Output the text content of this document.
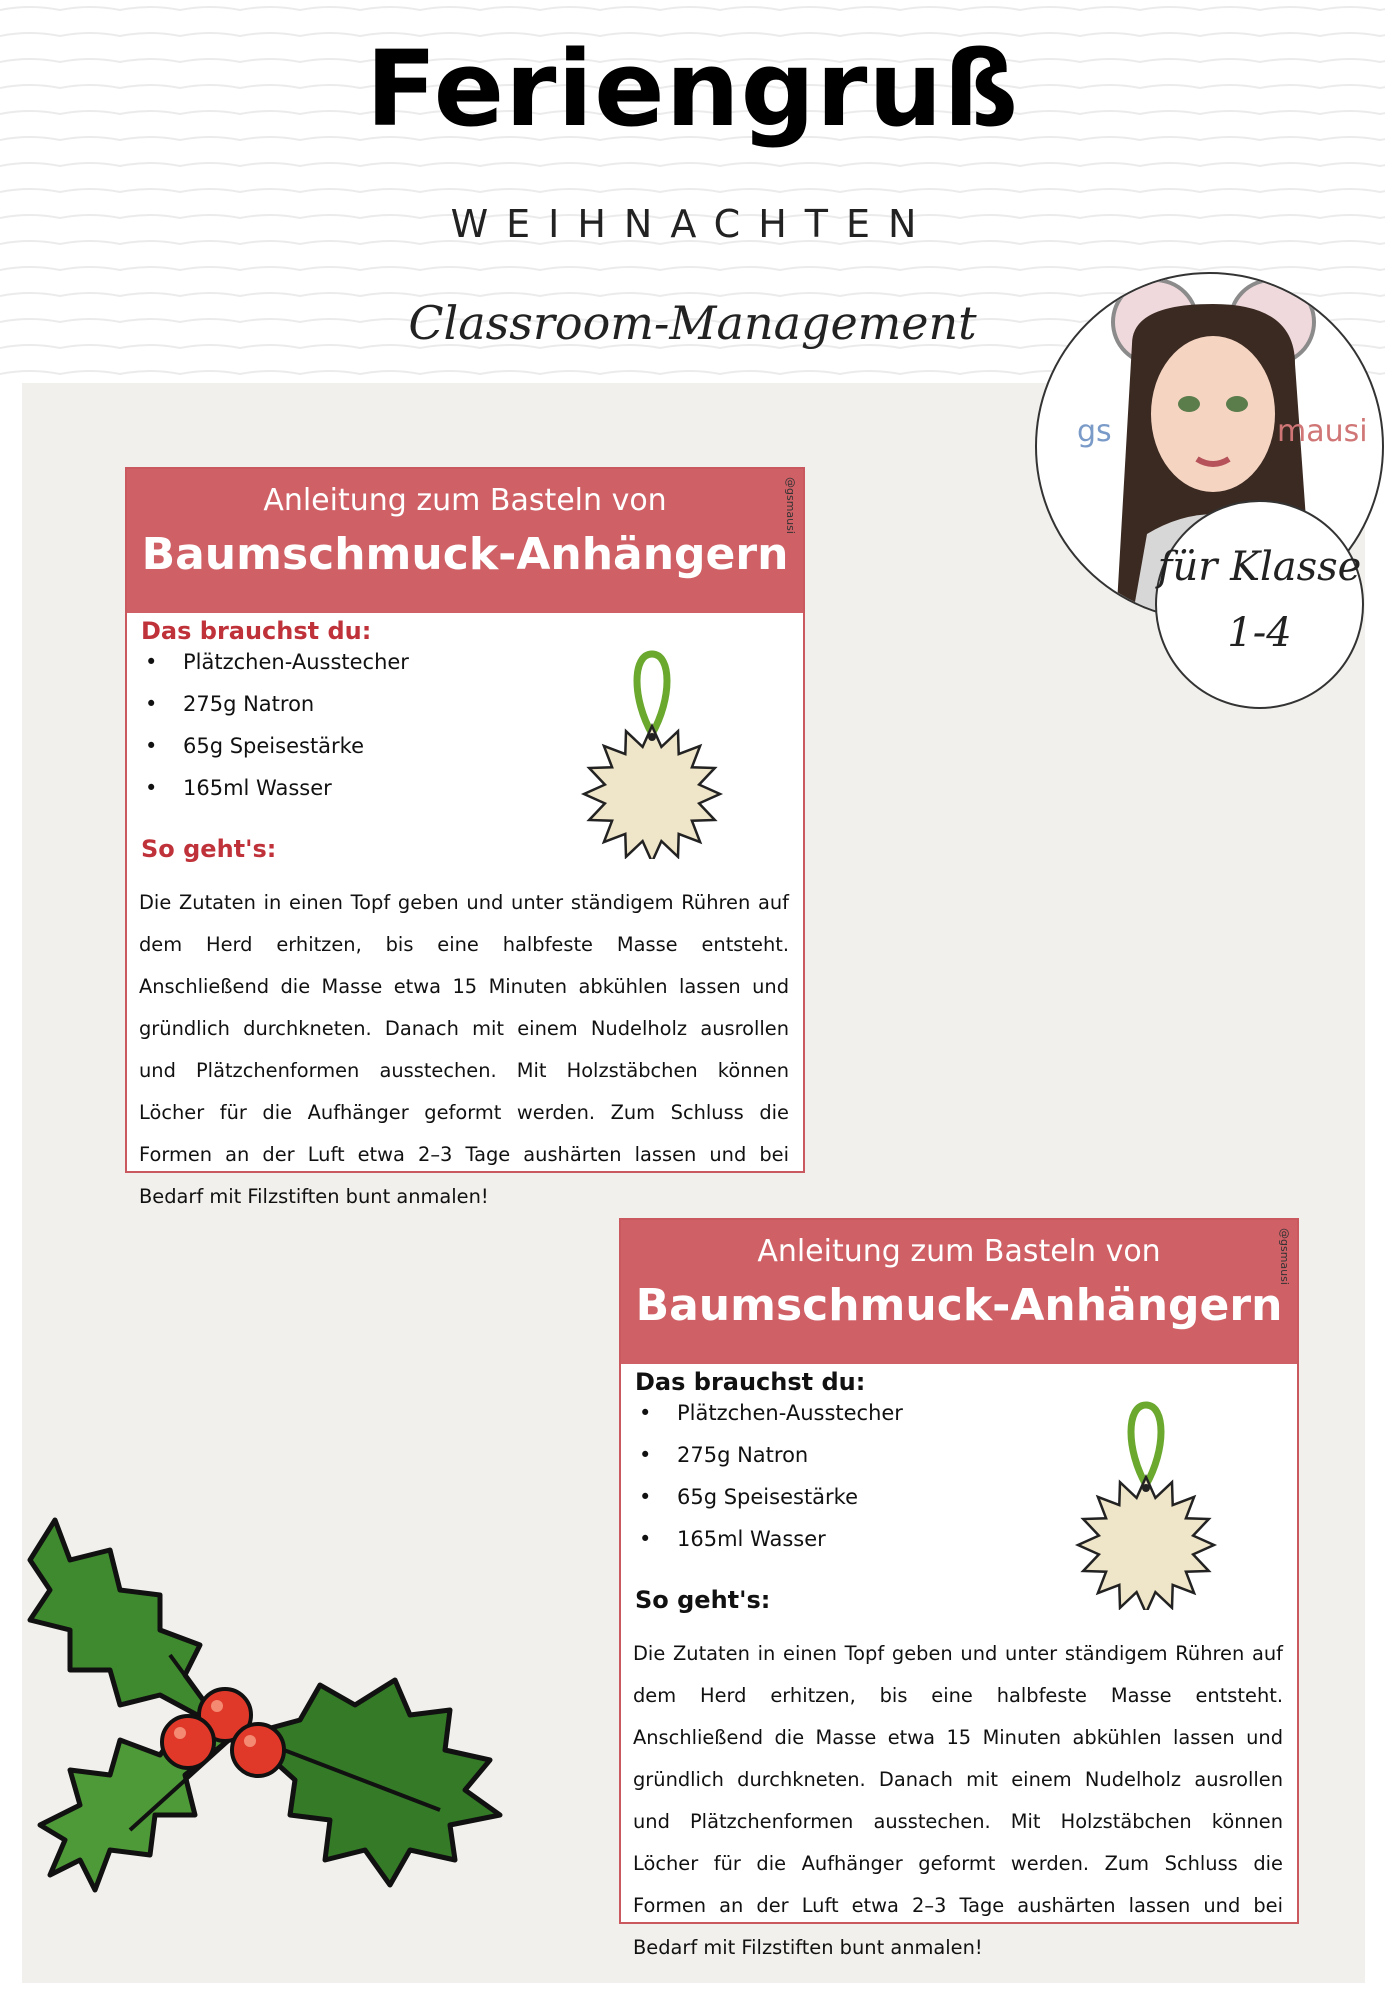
Feriengruß
WEIHNACHTEN
Classroom-Management
gs	mausi
für Klasse
1-4
Anleitung zum Basteln von
Baumschmuck-Anhängern
@gsmausi
Das brauchst du:
• Plätzchen-Ausstecher
• 275g Natron
• 65g Speisestärke
• 165ml Wasser
So geht's:

Die Zutaten in einen Topf geben und unter ständigem Rühren auf dem Herd erhitzen, bis eine halbfeste Masse entsteht. Anschließend die Masse etwa 15 Minuten abkühlen lassen und gründlich durchkneten. Danach mit einem Nudelholz ausrollen und Plätzchenformen ausstechen. Mit Holzstäbchen können Löcher für die Aufhänger geformt werden. Zum Schluss die Formen an der Luft etwa 2–3 Tage aushärten lassen und bei Bedarf mit Filzstiften bunt anmalen!

Anleitung zum Basteln von
Baumschmuck-Anhängern
@gsmausi
Das brauchst du:
• Plätzchen-Ausstecher
• 275g Natron
• 65g Speisestärke
• 165ml Wasser
So geht's:

Die Zutaten in einen Topf geben und unter ständigem Rühren auf dem Herd erhitzen, bis eine halbfeste Masse entsteht. Anschließend die Masse etwa 15 Minuten abkühlen lassen und gründlich durchkneten. Danach mit einem Nudelholz ausrollen und Plätzchenformen ausstechen. Mit Holzstäbchen können Löcher für die Aufhänger geformt werden. Zum Schluss die Formen an der Luft etwa 2–3 Tage aushärten lassen und bei Bedarf mit Filzstiften bunt anmalen!
